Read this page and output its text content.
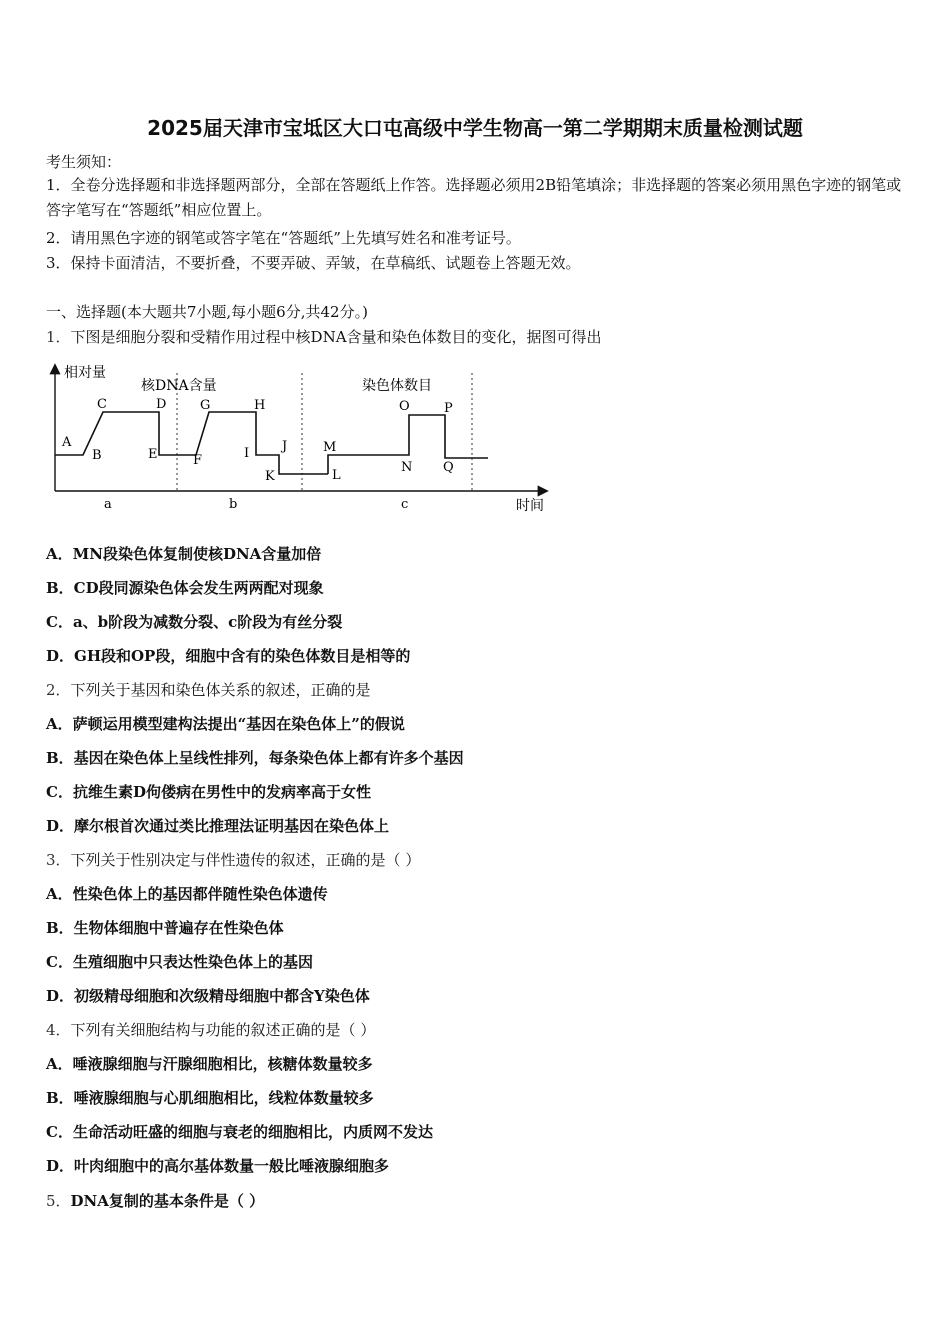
2025届天津市宝坻区大口屯高级中学生物高一第二学期期末质量检测试题
考生须知：
1．全卷分选择题和非选择题两部分，全部在答题纸上作答。选择题必须用2B铅笔填涂；非选择题的答案必须用黑色字迹的钢笔或答字笔写在“答题纸”相应位置上。
2．请用黑色字迹的钢笔或答字笔在“答题纸”上先填写姓名和准考证号。
3．保持卡面清洁，不要折叠，不要弄破、弄皱，在草稿纸、试题卷上答题无效。
一、选择题(本大题共7小题,每小题6分,共42分。)
1．下图是细胞分裂和受精作用过程中核DNA含量和染色体数目的变化，据图可得出
相对量
时间
核DNA含量	染色体数目
A
B
C	D
E	F
G	H
I	J
K	L
M
N
O	P
Q
a	b	c
A．MN段染色体复制使核DNA含量加倍
B．CD段同源染色体会发生两两配对现象
C．a、b阶段为减数分裂、c阶段为有丝分裂
D．GH段和OP段，细胞中含有的染色体数目是相等的
2．下列关于基因和染色体关系的叙述，正确的是
A．萨顿运用模型建构法提出“基因在染色体上”的假说
B．基因在染色体上呈线性排列，每条染色体上都有许多个基因
C．抗维生素D佝偻病在男性中的发病率高于女性
D．摩尔根首次通过类比推理法证明基因在染色体上
3．下列关于性别决定与伴性遗传的叙述，正确的是（ ）
A．性染色体上的基因都伴随性染色体遗传
B．生物体细胞中普遍存在性染色体
C．生殖细胞中只表达性染色体上的基因
D．初级精母细胞和次级精母细胞中都含Y染色体
4．下列有关细胞结构与功能的叙述正确的是（ ）
A．唾液腺细胞与汗腺细胞相比，核糖体数量较多
B．唾液腺细胞与心肌细胞相比，线粒体数量较多
C．生命活动旺盛的细胞与衰老的细胞相比，内质网不发达
D．叶肉细胞中的高尔基体数量一般比唾液腺细胞多
5．DNA复制的基本条件是（ ）
